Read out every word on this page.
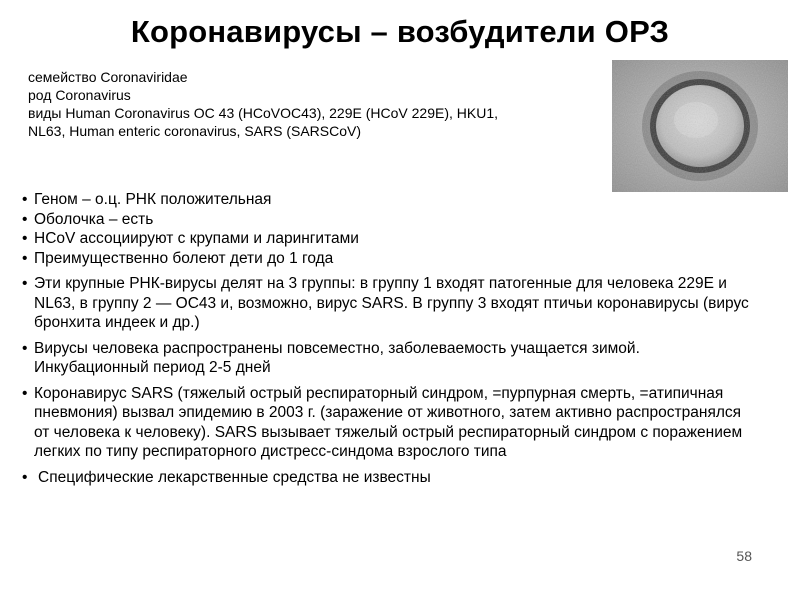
Коронавирусы – возбудители ОРЗ
семейство Coronaviridae
род Coronavirus
виды Human Coronavirus OC 43 (HCoVOC43), 229E (HCoV 229E), HKU1,
NL63, Human enteric coronavirus, SARS (SARSCoV)
• Геном – о.ц. РНК положительная
• Оболочка – есть
• HCoV ассоциируют с крупами и ларингитами
• Преимущественно болеют дети до 1 года
• Эти крупные РНК-вирусы делят на 3 группы: в группу 1 входят патогенные для человека 229E и NL63, в группу 2 — OC43 и, возможно, вирус SARS. В группу 3 входят птичьи коронавирусы (вирус бронхита индеек и др.)
• Вирусы человека распространены повсеместно, заболеваемость учащается зимой. Инкубационный период 2-5 дней
• Коронавирус SARS (тяжелый острый респираторный синдром, =пурпурная смерть, =атипичная пневмония) вызвал эпидемию в 2003 г. (заражение от животного, затем активно распространялся от человека к человеку). SARS вызывает тяжелый острый респираторный синдром с поражением легких по типу респираторного дистресс-синдома взрослого типа
• Специфические лекарственные средства не известны
58
